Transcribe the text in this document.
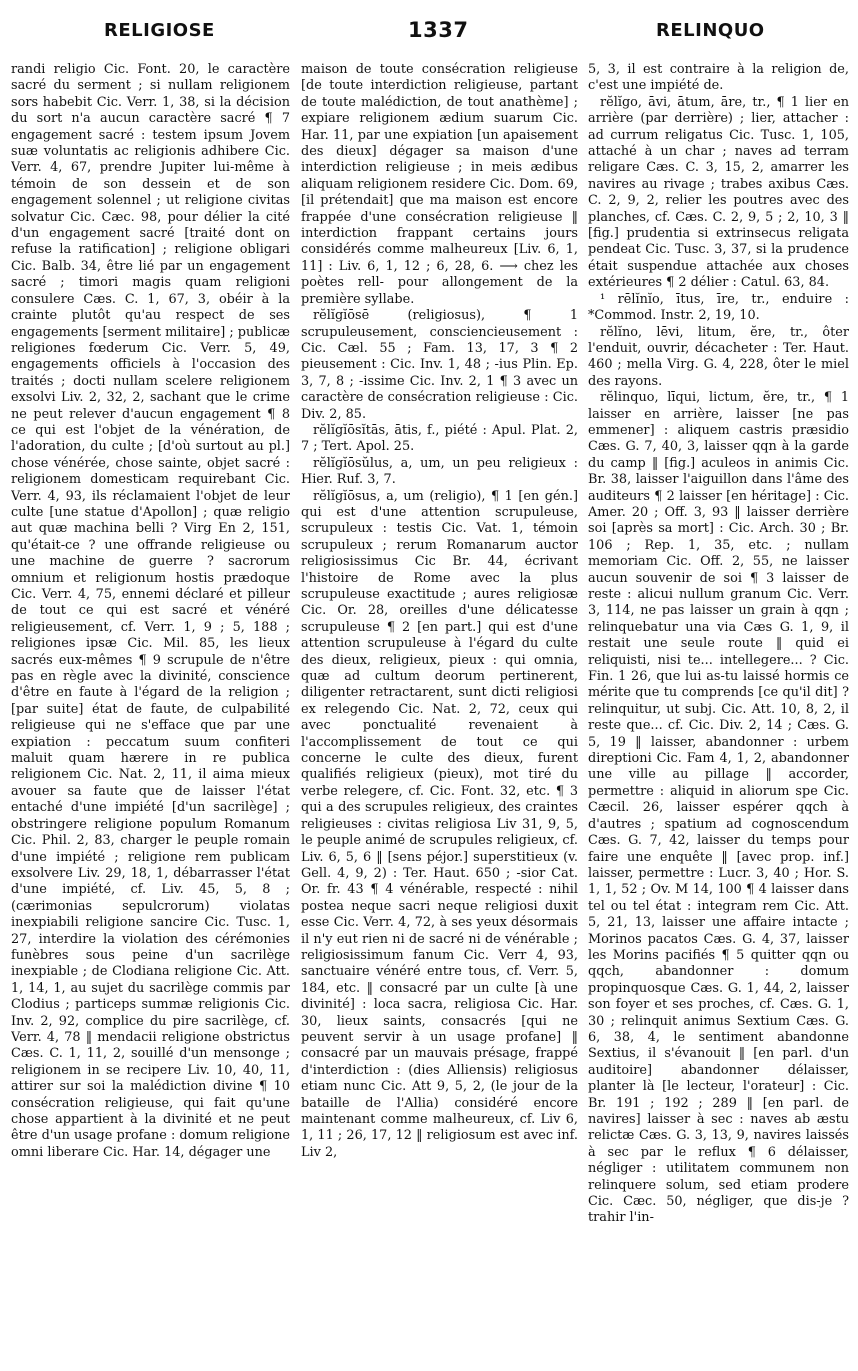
RELIGIOSE	1337	RELINQUO

randi religio Cic. Font. 20, le caractère sacré du serment ; si nullam religionem sors habebit Cic. Verr. 1, 38, si la décision du sort n'a aucun caractère sacré ¶ 7 engagement sacré : testem ipsum Jovem suæ voluntatis ac religionis adhibere Cic. Verr. 4, 67, prendre Jupiter lui-même à témoin de son dessein et de son engagement solennel ; ut religione civitas solvatur Cic. Cæc. 98, pour délier la cité d'un engagement sacré [traité dont on refuse la ratification] ; religione obligari Cic. Balb. 34, être lié par un engagement sacré ; timori magis quam religioni consulere Cæs. C. 1, 67, 3, obéir à la crainte plutôt qu'au respect de ses engagements [serment militaire] ; publicæ religiones fœderum Cic. Verr. 5, 49, engagements officiels à l'occasion des traités ; docti nullam scelere religionem exsolvi Liv. 2, 32, 2, sachant que le crime ne peut relever d'aucun engagement ¶ 8 ce qui est l'objet de la vénération, de l'adoration, du culte ; [d'où surtout au pl.] chose vénérée, chose sainte, objet sacré : religionem domesticam requirebant Cic. Verr. 4, 93, ils réclamaient l'objet de leur culte [une statue d'Apollon] ; quæ religio aut quæ machina belli ? Virg En 2, 151, qu'était-ce ? une offrande religieuse ou une machine de guerre ? sacrorum omnium et religionum hostis prædoque Cic. Verr. 4, 75, ennemi déclaré et pilleur de tout ce qui est sacré et vénéré religieusement, cf. Verr. 1, 9 ; 5, 188 ; religiones ipsæ Cic. Mil. 85, les lieux sacrés eux-mêmes ¶ 9 scrupule de n'être pas en règle avec la divinité, conscience d'être en faute à l'égard de la religion ; [par suite] état de faute, de culpabilité religieuse qui ne s'efface que par une expiation : peccatum suum confiteri maluit quam hærere in re publica religionem Cic. Nat. 2, 11, il aima mieux avouer sa faute que de laisser l'état entaché d'une impiété [d'un sacrilège] ; obstringere religione populum Romanum Cic. Phil. 2, 83, charger le peuple romain d'une impiété ; religione rem publicam exsolvere Liv. 29, 18, 1, débarrasser l'état d'une impiété, cf. Liv. 45, 5, 8 ; (cærimonias sepulcrorum) violatas inexpiabili religione sancire Cic. Tusc. 1, 27, interdire la violation des cérémonies funèbres sous peine d'un sacrilège inexpiable ; de Clodiana religione Cic. Att. 1, 14, 1, au sujet du sacrilège commis par Clodius ; particeps summæ religionis Cic. Inv. 2, 92, complice du pire sacrilège, cf. Verr. 4, 78 ‖ mendacii religione obstrictus Cæs. C. 1, 11, 2, souillé d'un mensonge ; religionem in se recipere Liv. 10, 40, 11, attirer sur soi la malédiction divine ¶ 10 consécration religieuse, qui fait qu'une chose appartient à la divinité et ne peut être d'un usage profane : domum religione omni liberare Cic. Har. 14, dégager une

maison de toute consécration religieuse [de toute interdiction religieuse, partant de toute malédiction, de tout anathème] ; expiare religionem ædium suarum Cic. Har. 11, par une expiation [un apaisement des dieux] dégager sa maison d'une interdiction religieuse ; in meis ædibus aliquam religionem residere Cic. Dom. 69, [il prétendait] que ma maison est encore frappée d'une consécration religieuse ‖ interdiction frappant certains jours considérés comme malheureux [Liv. 6, 1, 11] : Liv. 6, 1, 12 ; 6, 28, 6. ⟶ chez les poètes rell- pour allongement de la première syllabe.

rĕlĭgĭōsē (religiosus), ¶ 1 scrupuleusement, consciencieusement : Cic. Cæl. 55 ; Fam. 13, 17, 3 ¶ 2 pieusement : Cic. Inv. 1, 48 ; -ius Plin. Ep. 3, 7, 8 ; -issime Cic. Inv. 2, 1 ¶ 3 avec un caractère de consécration religieuse : Cic. Div. 2, 85.

rĕlĭgĭōsĭtās, ātis, f., piété : Apul. Plat. 2, 7 ; Tert. Apol. 25.

rĕlĭgĭōsŭlus, a, um, un peu religieux : Hier. Ruf. 3, 7.

rĕlĭgĭōsus, a, um (religio), ¶ 1 [en gén.] qui est d'une attention scrupuleuse, scrupuleux : testis Cic. Vat. 1, témoin scrupuleux ; rerum Romanarum auctor religiosissimus Cic Br. 44, écrivant l'histoire de Rome avec la plus scrupuleuse exactitude ; aures religiosæ Cic. Or. 28, oreilles d'une délicatesse scrupuleuse ¶ 2 [en part.] qui est d'une attention scrupuleuse à l'égard du culte des dieux, religieux, pieux : qui omnia, quæ ad cultum deorum pertinerent, diligenter retractarent, sunt dicti religiosi ex relegendo Cic. Nat. 2, 72, ceux qui avec ponctualité revenaient à l'accomplissement de tout ce qui concerne le culte des dieux, furent qualifiés religieux (pieux), mot tiré du verbe relegere, cf. Cic. Font. 32, etc. ¶ 3 qui a des scrupules religieux, des craintes religieuses : civitas religiosa Liv 31, 9, 5, le peuple animé de scrupules religieux, cf. Liv. 6, 5, 6 ‖ [sens péjor.] superstitieux (v. Gell. 4, 9, 2) : Ter. Haut. 650 ; -sior Cat. Or. fr. 43 ¶ 4 vénérable, respecté : nihil postea neque sacri neque religiosi duxit esse Cic. Verr. 4, 72, à ses yeux désormais il n'y eut rien ni de sacré ni de vénérable ; religiosissimum fanum Cic. Verr 4, 93, sanctuaire vénéré entre tous, cf. Verr. 5, 184, etc. ‖ consacré par un culte [à une divinité] : loca sacra, religiosa Cic. Har. 30, lieux saints, consacrés [qui ne peuvent servir à un usage profane] ‖ consacré par un mauvais présage, frappé d'interdiction : (dies Alliensis) religiosus etiam nunc Cic. Att 9, 5, 2, (le jour de la bataille de l'Allia) considéré encore maintenant comme malheureux, cf. Liv 6, 1, 11 ; 26, 17, 12 ‖ religiosum est avec inf. Liv 2,

5, 3, il est contraire à la religion de, c'est une impiété de.

rĕlĭgo, āvi, ātum, āre, tr., ¶ 1 lier en arrière (par derrière) ; lier, attacher : ad currum religatus Cic. Tusc. 1, 105, attaché à un char ; naves ad terram religare Cæs. C. 3, 15, 2, amarrer les navires au rivage ; trabes axibus Cæs. C. 2, 9, 2, relier les poutres avec des planches, cf. Cæs. C. 2, 9, 5 ; 2, 10, 3 ‖ [fig.] prudentia si extrinsecus religata pendeat Cic. Tusc. 3, 37, si la prudence était suspendue attachée aux choses extérieures ¶ 2 délier : Catul. 63, 84.

¹ rēlĭnĭo, ītus, īre, tr., enduire : *Commod. Instr. 2, 19, 10.

rĕlĭno, lēvi, litum, ĕre, tr., ôter l'enduit, ouvrir, décacheter : Ter. Haut. 460 ; mella Virg. G. 4, 228, ôter le miel des rayons.

rĕlinquo, līqui, lictum, ĕre, tr., ¶ 1 laisser en arrière, laisser [ne pas emmener] : aliquem castris præsidio Cæs. G. 7, 40, 3, laisser qqn à la garde du camp ‖ [fig.] aculeos in animis Cic. Br. 38, laisser l'aiguillon dans l'âme des auditeurs ¶ 2 laisser [en héritage] : Cic. Amer. 20 ; Off. 3, 93 ‖ laisser derrière soi [après sa mort] : Cic. Arch. 30 ; Br. 106 ; Rep. 1, 35, etc. ; nullam memoriam Cic. Off. 2, 55, ne laisser aucun souvenir de soi ¶ 3 laisser de reste : alicui nullum granum Cic. Verr. 3, 114, ne pas laisser un grain à qqn ; relinquebatur una via Cæs G. 1, 9, il restait une seule route ‖ quid ei reliquisti, nisi te... intellegere... ? Cic. Fin. 1 26, que lui as-tu laissé hormis ce mérite que tu comprends [ce qu'il dit] ? relinquitur, ut subj. Cic. Att. 10, 8, 2, il reste que... cf. Cic. Div. 2, 14 ; Cæs. G. 5, 19 ‖ laisser, abandonner : urbem direptioni Cic. Fam 4, 1, 2, abandonner une ville au pillage ‖ accorder, permettre : aliquid in aliorum spe Cic. Cæcil. 26, laisser espérer qqch à d'autres ; spatium ad cognoscendum Cæs. G. 7, 42, laisser du temps pour faire une enquête ‖ [avec prop. inf.] laisser, permettre : Lucr. 3, 40 ; Hor. S. 1, 1, 52 ; Ov. M 14, 100 ¶ 4 laisser dans tel ou tel état : integram rem Cic. Att. 5, 21, 13, laisser une affaire intacte ; Morinos pacatos Cæs. G. 4, 37, laisser les Morins pacifiés ¶ 5 quitter qqn ou qqch, abandonner : domum propinquosque Cæs. G. 1, 44, 2, laisser son foyer et ses proches, cf. Cæs. G. 1, 30 ; relinquit animus Sextium Cæs. G. 6, 38, 4, le sentiment abandonne Sextius, il s'évanouit ‖ [en parl. d'un auditoire] abandonner délaisser, planter là [le lecteur, l'orateur] : Cic. Br. 191 ; 192 ; 289 ‖ [en parl. de navires] laisser à sec : naves ab æstu relictæ Cæs. G. 3, 13, 9, navires laissés à sec par le reflux ¶ 6 délaisser, négliger : utilitatem communem non relinquere solum, sed etiam prodere Cic. Cæc. 50, négliger, que dis-je ? trahir l'in-
